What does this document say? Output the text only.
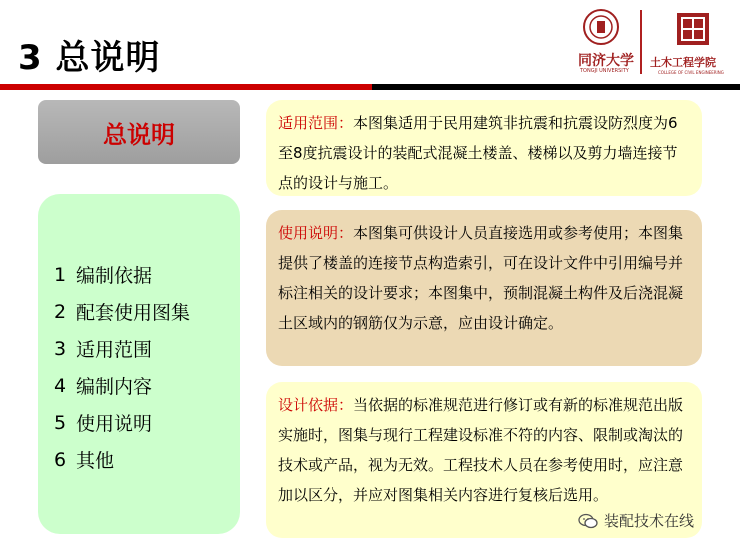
3 总说明	同济大学
TONGJI UNIVERSITY
土木工程学院
COLLEGE OF CIVIL ENGINEERING
总说明
1 编制依据
2 配套使用图集
3 适用范围
4 编制内容
5 使用说明
6 其他
适用范围：本图集适用于民用建筑非抗震和抗震设防烈度为6至8度抗震设计的装配式混凝土楼盖、楼梯以及剪力墙连接节点的设计与施工。
使用说明：本图集可供设计人员直接选用或参考使用；本图集提供了楼盖的连接节点构造索引，可在设计文件中引用编号并标注相关的设计要求；本图集中，预制混凝土构件及后浇混凝土区域内的钢筋仅为示意，应由设计确定。
设计依据：当依据的标准规范进行修订或有新的标准规范出版实施时，图集与现行工程建设标准不符的内容、限制或淘汰的技术或产品，视为无效。工程技术人员在参考使用时，应注意加以区分，并应对图集相关内容进行复核后选用。
装配技术在线
